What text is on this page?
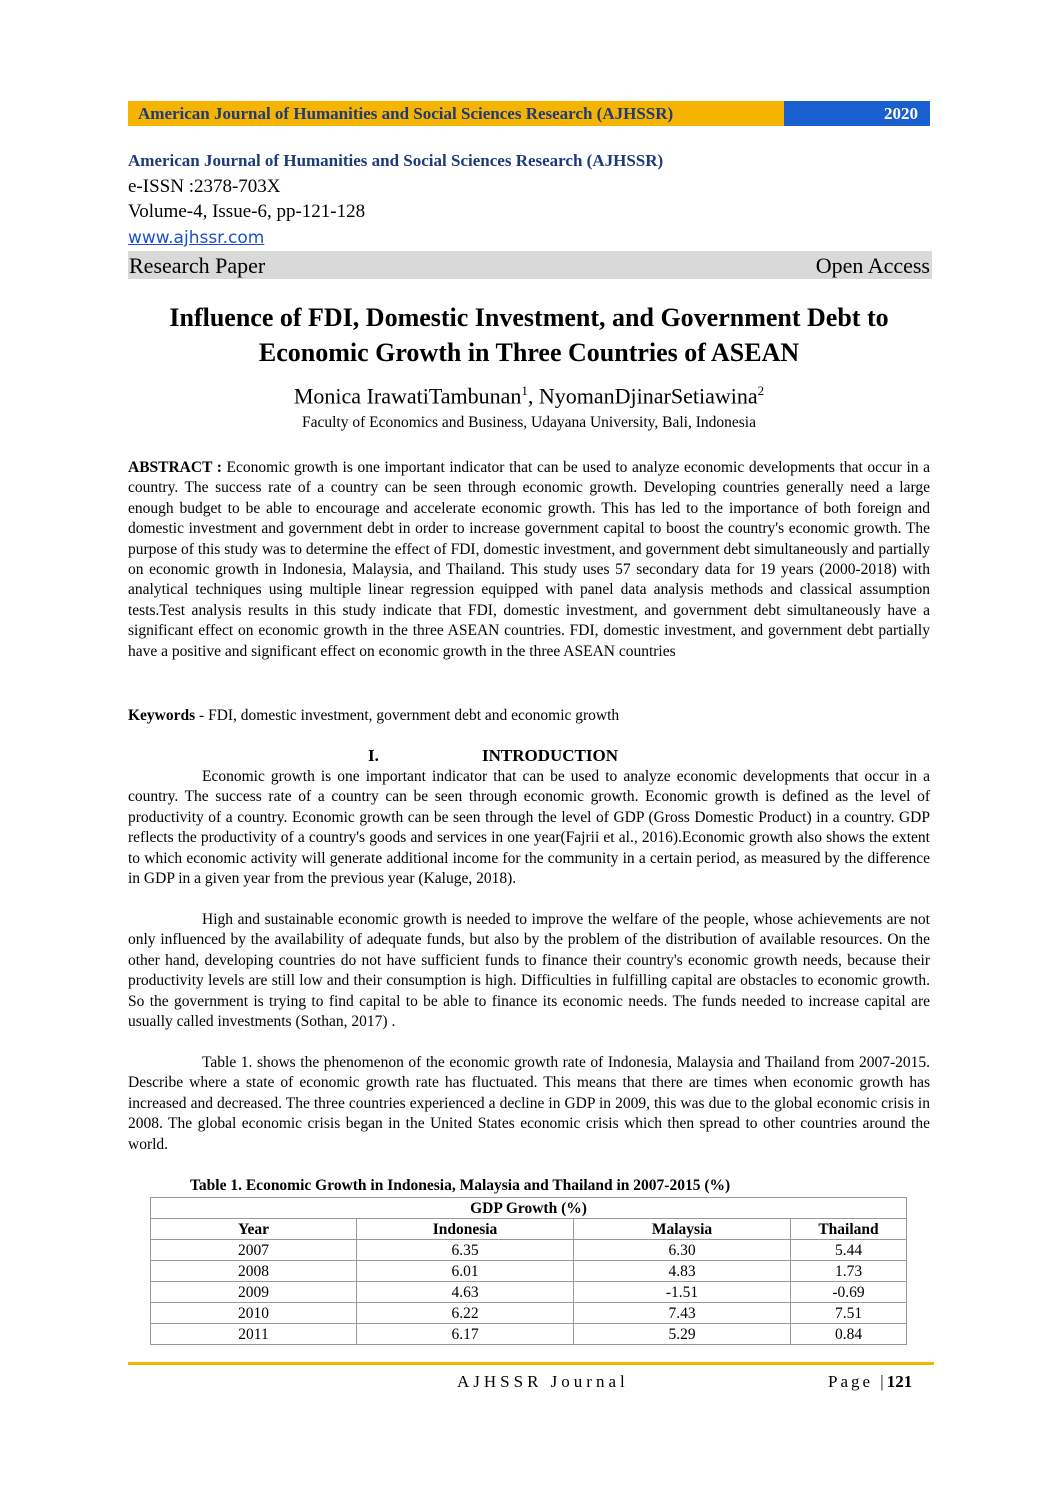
American Journal of Humanities and Social Sciences Research (AJHSSR)	2020
American Journal of Humanities and Social Sciences Research (AJHSSR)
e-ISSN :2378-703X
Volume-4, Issue-6, pp-121-128
www.ajhssr.com
Research Paper	Open Access
Influence of FDI, Domestic Investment, and Government Debt to
Economic Growth in Three Countries of ASEAN
Monica IrawatiTambunan$^1$, NyomanDjinarSetiawina$^2$
Faculty of Economics and Business, Udayana University, Bali, Indonesia
ABSTRACT : Economic growth is one important indicator that can be used to analyze economic developments that occur in a country. The success rate of a country can be seen through economic growth. Developing countries generally need a large enough budget to be able to encourage and accelerate economic growth. This has led to the importance of both foreign and domestic investment and government debt in order to increase government capital to boost the country's economic growth. The purpose of this study was to determine the effect of FDI, domestic investment, and government debt simultaneously and partially on economic growth in Indonesia, Malaysia, and Thailand. This study uses 57 secondary data for 19 years (2000-2018) with analytical techniques using multiple linear regression equipped with panel data analysis methods and classical assumption tests.Test analysis results in this study indicate that FDI, domestic investment, and government debt simultaneously have a significant effect on economic growth in the three ASEAN countries. FDI, domestic investment, and government debt partially have a positive and significant effect on economic growth in the three ASEAN countries
Keywords - FDI, domestic investment, government debt and economic growth
I.	INTRODUCTION
Economic growth is one important indicator that can be used to analyze economic developments that occur in a country. The success rate of a country can be seen through economic growth. Economic growth is defined as the level of productivity of a country. Economic growth can be seen through the level of GDP (Gross Domestic Product) in a country. GDP reflects the productivity of a country's goods and services in one year(Fajrii et al., 2016).Economic growth also shows the extent to which economic activity will generate additional income for the community in a certain period, as measured by the difference in GDP in a given year from the previous year (Kaluge, 2018).
High and sustainable economic growth is needed to improve the welfare of the people, whose achievements are not only influenced by the availability of adequate funds, but also by the problem of the distribution of available resources. On the other hand, developing countries do not have sufficient funds to finance their country's economic growth needs, because their productivity levels are still low and their consumption is high. Difficulties in fulfilling capital are obstacles to economic growth. So the government is trying to find capital to be able to finance its economic needs. The funds needed to increase capital are usually called investments (Sothan, 2017) .
Table 1. shows the phenomenon of the economic growth rate of Indonesia, Malaysia and Thailand from 2007-2015. Describe where a state of economic growth rate has fluctuated. This means that there are times when economic growth has increased and decreased. The three countries experienced a decline in GDP in 2009, this was due to the global economic crisis in 2008. The global economic crisis began in the United States economic crisis which then spread to other countries around the world.
Table 1. Economic Growth in Indonesia, Malaysia and Thailand in 2007-2015 (%)
GDP Growth (%)			
Year	Indonesia	Malaysia	Thailand
2007	6.35	6.30	5.44
2008	6.01	4.83	1.73
2009	4.63	-1.51	-0.69
2010	6.22	7.43	7.51
2011	6.17	5.29	0.84
AJHSSR Journal	Page |121
